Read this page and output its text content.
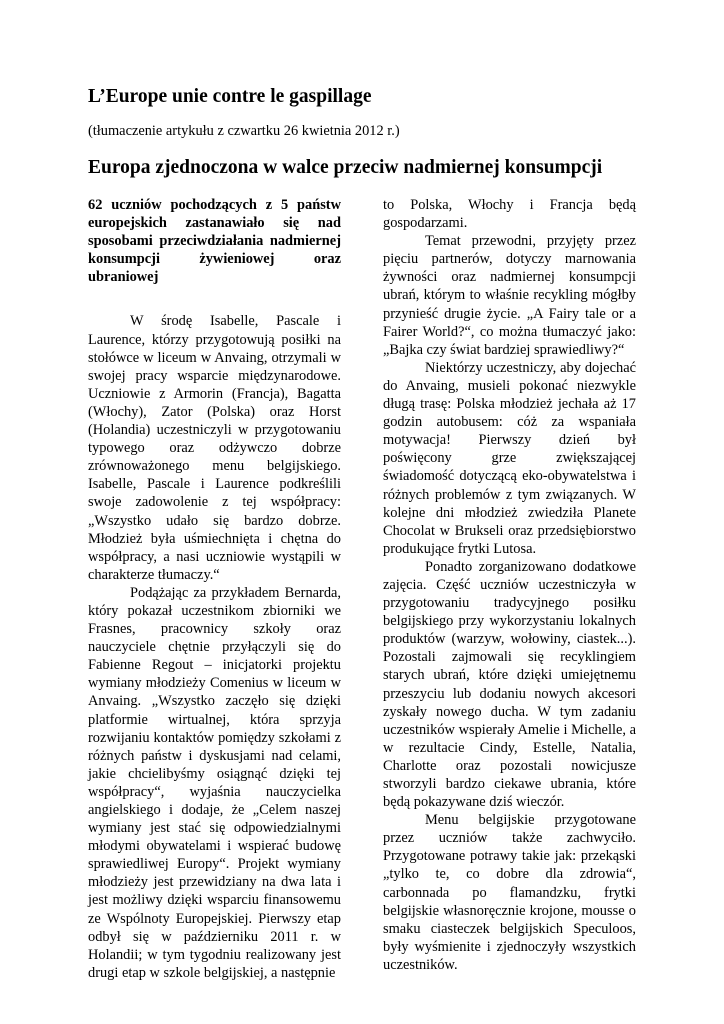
L’Europe unie contre le gaspillage

(tłumaczenie artykułu z czwartku 26 kwietnia 2012 r.)

Europa zjednoczona w walce przeciw nadmiernej konsumpcji

62 uczniów pochodzących z 5 państw europejskich zastanawiało się nad sposobami przeciwdziałania nadmiernej konsumpcji żywieniowej oraz ubraniowej

W środę Isabelle, Pascale i Laurence, którzy przygotowują posiłki na stołówce w liceum w Anvaing, otrzymali w swojej pracy wsparcie międzynarodowe. Uczniowie z Armorin (Francja), Bagatta (Włochy), Zator (Polska) oraz Horst (Holandia) uczestniczyli w przygotowaniu typowego oraz odżywczo dobrze zrównoważonego menu belgijskiego. Isabelle, Pascale i Laurence podkreślili swoje zadowolenie z tej współpracy: „Wszystko udało się bardzo dobrze. Młodzież była uśmiechnięta i chętna do współpracy, a nasi uczniowie wystąpili w charakterze tłumaczy.“

Podążając za przykładem Bernarda, który pokazał uczestnikom zbiorniki we Frasnes, pracownicy szkoły oraz nauczyciele chętnie przyłączyli się do Fabienne Regout – inicjatorki projektu wymiany młodzieży Comenius w liceum w Anvaing. „Wszystko zaczęło się dzięki platformie wirtualnej, która sprzyja rozwijaniu kontaktów pomiędzy szkołami z różnych państw i dyskusjami nad celami, jakie chcielibyśmy osiągnąć dzięki tej współpracy“, wyjaśnia nauczycielka angielskiego i dodaje, że „Celem naszej wymiany jest stać się odpowiedzialnymi młodymi obywatelami i wspierać budowę sprawiedliwej Europy“. Projekt wymiany młodzieży jest przewidziany na dwa lata i jest możliwy dzięki wsparciu finansowemu ze Wspólnoty Europejskiej. Pierwszy etap odbył się w październiku 2011 r. w Holandii; w tym tygodniu realizowany jest drugi etap w szkole belgijskiej, a następnie

to Polska, Włochy i Francja będą gospodarzami.

Temat przewodni, przyjęty przez pięciu partnerów, dotyczy marnowania żywności oraz nadmiernej konsumpcji ubrań, którym to właśnie recykling mógłby przynieść drugie życie. „A Fairy tale or a Fairer World?“, co można tłumaczyć jako: „Bajka czy świat bardziej sprawiedliwy?“

Niektórzy uczestniczy, aby dojechać do Anvaing, musieli pokonać niezwykle długą trasę: Polska młodzież jechała aż 17 godzin autobusem: cóż za wspaniała motywacja! Pierwszy dzień był poświęcony grze zwiększającej świadomość dotyczącą eko-obywatelstwa i różnych problemów z tym związanych. W kolejne dni młodzież zwiedziła Planete Chocolat w Brukseli oraz przedsiębiorstwo produkujące frytki Lutosa.

Ponadto zorganizowano dodatkowe zajęcia. Część uczniów uczestniczyła w przygotowaniu tradycyjnego posiłku belgijskiego przy wykorzystaniu lokalnych produktów (warzyw, wołowiny, ciastek...). Pozostali zajmowali się recyklingiem starych ubrań, które dzięki umiejętnemu przeszyciu lub dodaniu nowych akcesori zyskały nowego ducha. W tym zadaniu uczestników wspierały Amelie i Michelle, a w rezultacie Cindy, Estelle, Natalia, Charlotte oraz pozostali nowicjusze stworzyli bardzo ciekawe ubrania, które będą pokazywane dziś wieczór.

Menu belgijskie przygotowane przez uczniów także zachwyciło. Przygotowane potrawy takie jak: przekąski „tylko te, co dobre dla zdrowia“, carbonnada po flamandzku, frytki belgijskie własnoręcznie krojone, mousse o smaku ciasteczek belgijskich Speculoos, były wyśmienite i zjednoczyły wszystkich uczestników.
